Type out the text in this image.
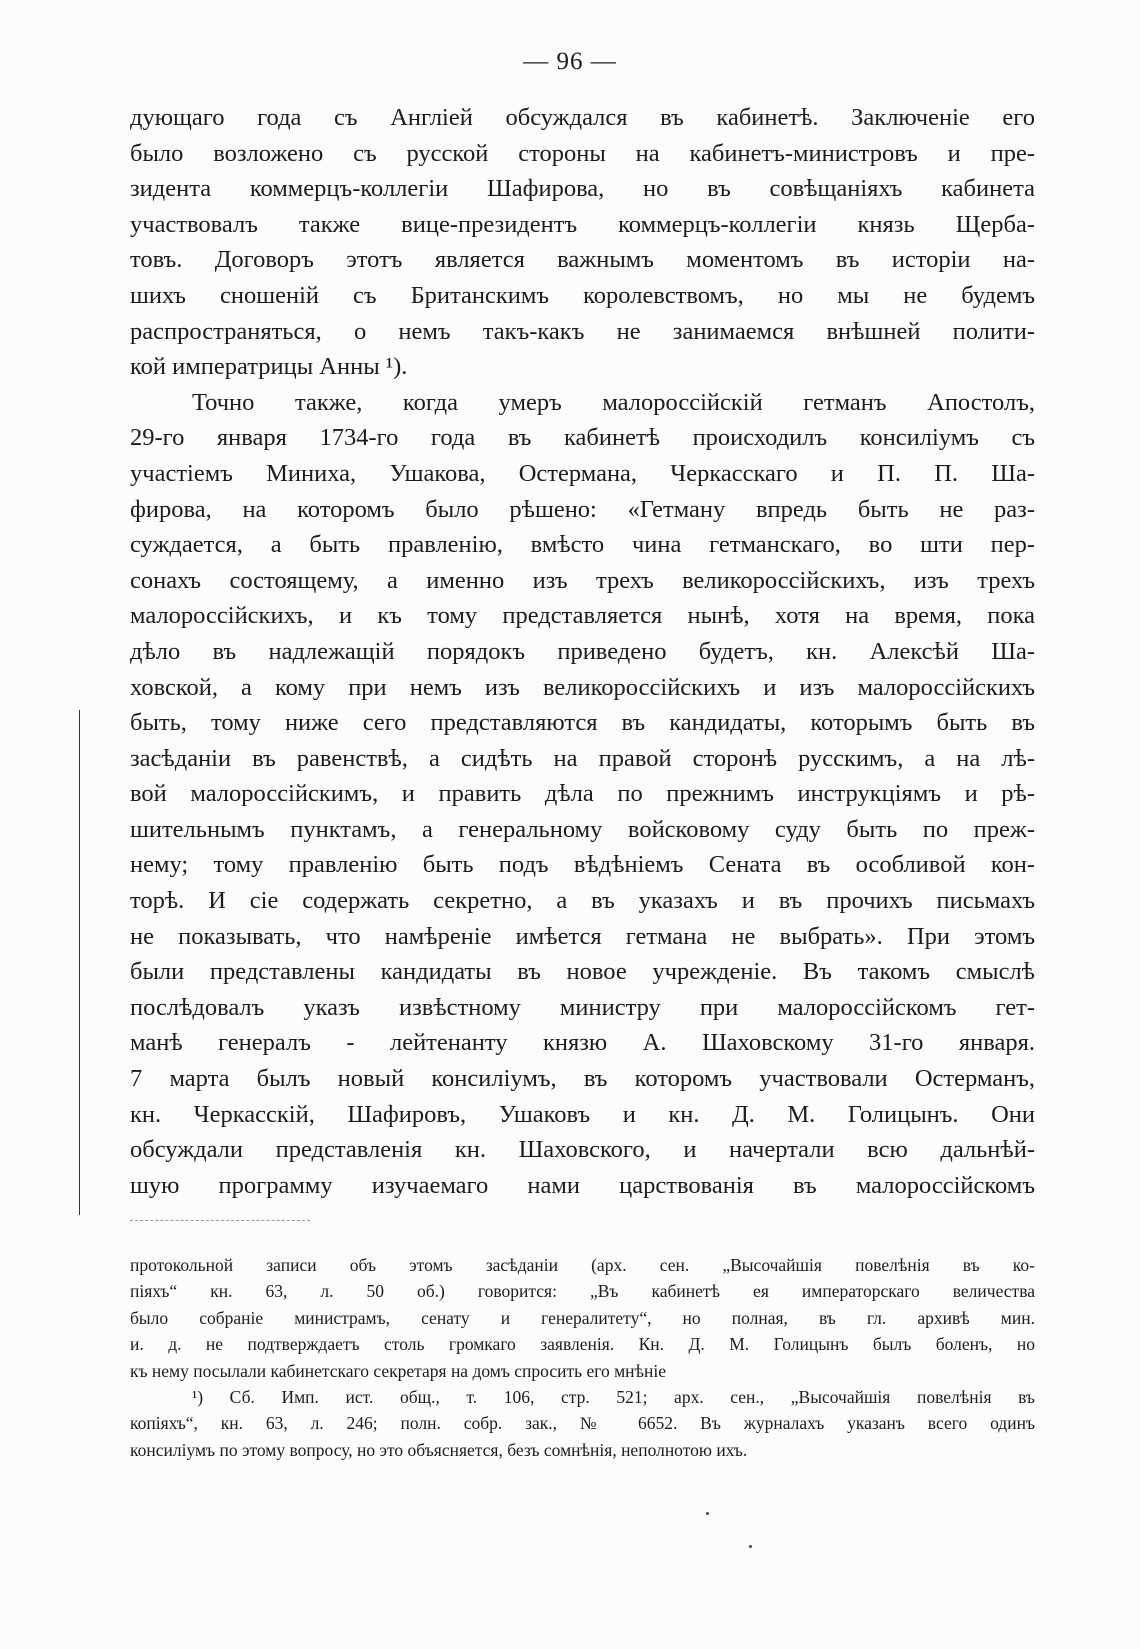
— 96 —
дующаго года съ Англіей обсуждался въ кабинетѣ. Заключеніе его
было возложено съ русской стороны на кабинетъ-министровъ и пре-
зидента коммерцъ-коллегіи Шафирова, но въ совѣщаніяхъ кабинета
участвовалъ также вице-президентъ коммерцъ-коллегіи князь Щерба-
товъ. Договоръ этотъ является важнымъ моментомъ въ исторіи на-
шихъ сношеній съ Британскимъ королевствомъ, но мы не будемъ
распространяться, о немъ такъ-какъ не занимаемся внѣшней полити-
кой императрицы Анны ¹).
Точно также, когда умеръ малороссійскій гетманъ Апостолъ,
29-го января 1734-го года въ кабинетѣ происходилъ консиліумъ съ
участіемъ Миниха, Ушакова, Остермана, Черкасскаго и П. П. Ша-
фирова, на которомъ было рѣшено: «Гетману впредь быть не раз-
суждается, а быть правленію, вмѣсто чина гетманскаго, во шти пер-
сонахъ состоящему, а именно изъ трехъ великороссійскихъ, изъ трехъ
малороссійскихъ, и къ тому представляется нынѣ, хотя на время, пока
дѣло въ надлежащій порядокъ приведено будетъ, кн. Алексѣй Ша-
ховской, а кому при немъ изъ великороссійскихъ и изъ малороссійскихъ
быть, тому ниже сего представляются въ кандидаты, которымъ быть въ
засѣданіи въ равенствѣ, а сидѣть на правой сторонѣ русскимъ, а на лѣ-
вой малороссійскимъ, и править дѣла по прежнимъ инструкціямъ и рѣ-
шительнымъ пунктамъ, а генеральному войсковому суду быть по преж-
нему; тому правленію быть подъ вѣдѣніемъ Сената въ особливой кон-
торѣ. И сіе содержать секретно, а въ указахъ и въ прочихъ письмахъ
не показывать, что намѣреніе имѣется гетмана не выбрать». При этомъ
были представлены кандидаты въ новое учрежденіе. Въ такомъ смыслѣ
послѣдовалъ указъ извѣстному министру при малороссійскомъ гет-
манѣ генералъ - лейтенанту князю А. Шаховскому 31-го января.
7 марта былъ новый консиліумъ, въ которомъ участвовали Остерманъ,
кн. Черкасскій, Шафировъ, Ушаковъ и кн. Д. М. Голицынъ. Они
обсуждали представленія кн. Шаховского, и начертали всю дальнѣй-
шую программу изучаемаго нами царствованія въ малороссійскомъ
протокольной записи объ этомъ засѣданіи (арх. сен. „Высочайшія повелѣнія въ ко-
піяхъ“ кн. 63, л. 50 об.) говорится: „Въ кабинетѣ ея императорскаго величества
было собраніе министрамъ, сенату и генералитету“, но полная, въ гл. архивѣ мин.
и. д. не подтверждаетъ столь громкаго заявленія. Кн. Д. М. Голицынъ былъ боленъ, но
къ нему посылали кабинетскаго секретаря на домъ спросить его мнѣніе
¹) Сб. Имп. ист. общ., т. 106, стр. 521; арх. сен., „Высочайшія повелѣнія въ
копіяхъ“, кн. 63, л. 246; полн. собр. зак., № 6652. Въ журналахъ указанъ всего одинъ
консиліумъ по этому вопросу, но это объясняется, безъ сомнѣнія, неполнотою ихъ.
